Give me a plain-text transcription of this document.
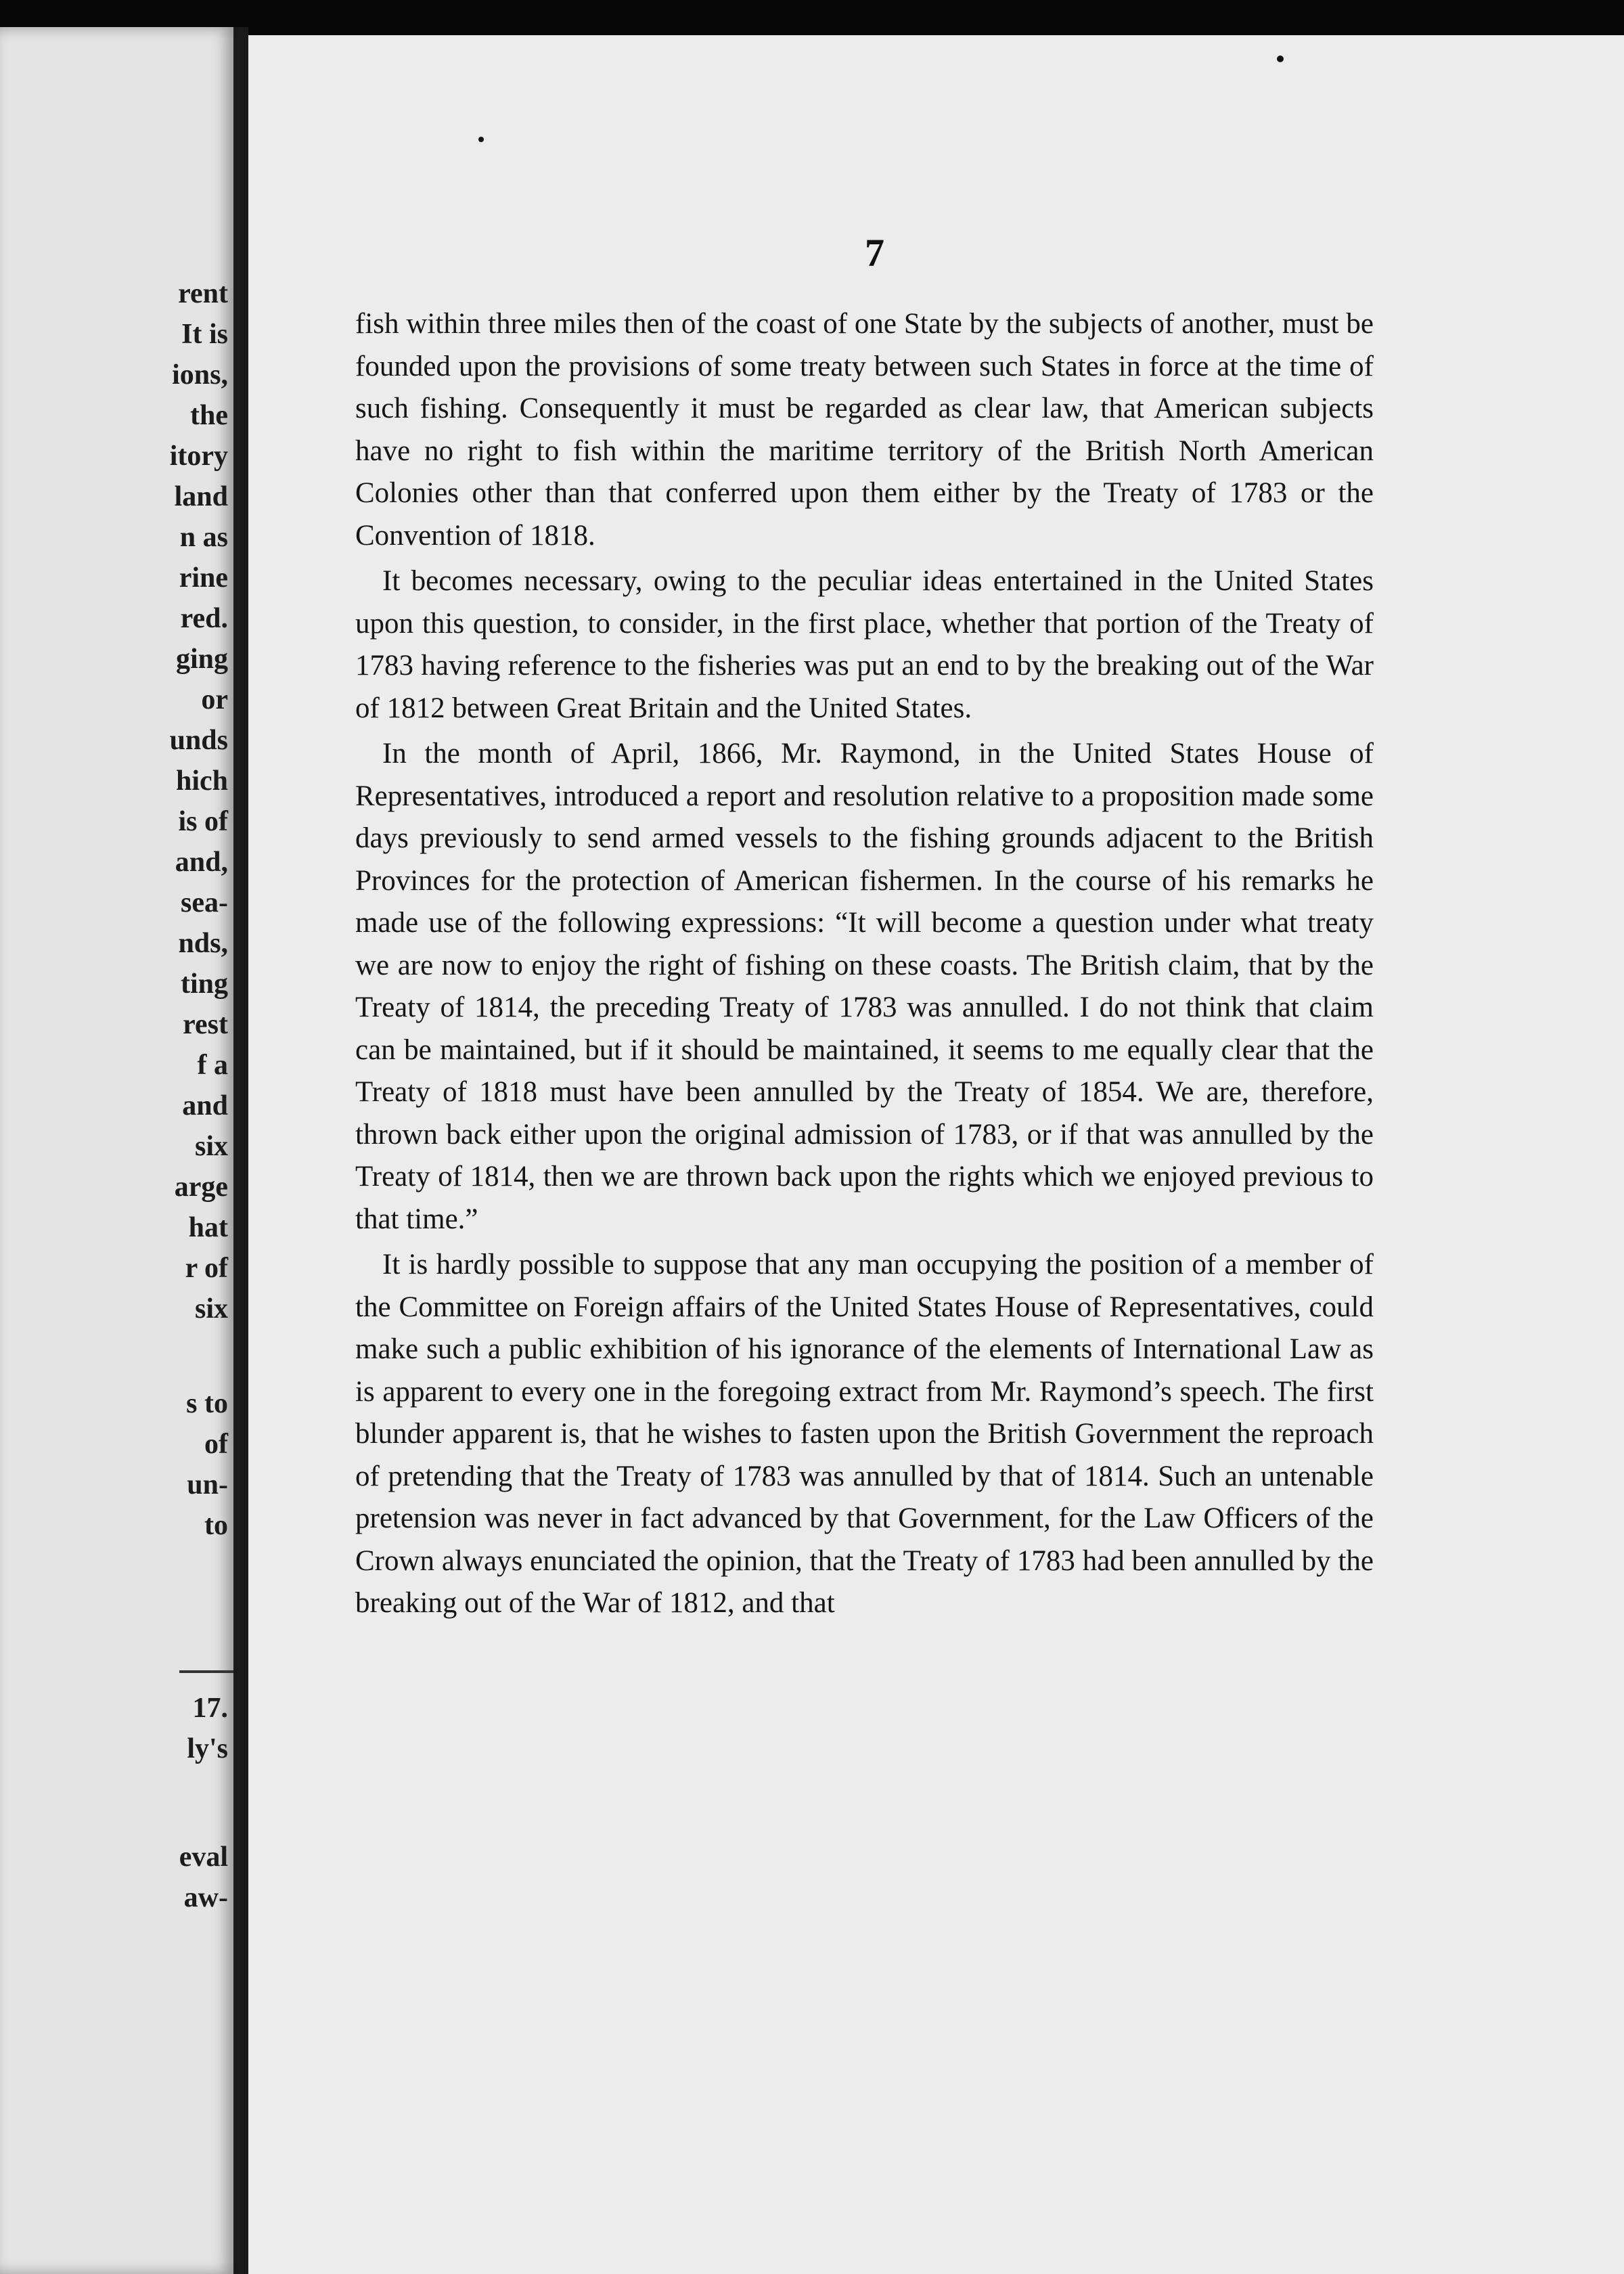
rent

It is

ions,

the

itory

land

n as

rine

red.

ging

or

unds

hich

is of

and,

sea-

nds,

ting

rest

f a

and

six

arge

hat

r of

six

s to

of

un-

to

17.

ly's

eval

aw-

7

fish within three miles then of the coast of one State by the subjects of another, must be founded upon the provisions of some treaty between such States in force at the time of such fishing. Consequently it must be regarded as clear law, that American subjects have no right to fish within the maritime territory of the British North American Colonies other than that conferred upon them either by the Treaty of 1783 or the Convention of 1818.

It becomes necessary, owing to the peculiar ideas entertained in the United States upon this question, to consider, in the first place, whether that portion of the Treaty of 1783 having reference to the fisheries was put an end to by the breaking out of the War of 1812 between Great Britain and the United States.

In the month of April, 1866, Mr. Raymond, in the United States House of Representatives, introduced a report and resolution relative to a proposition made some days previously to send armed vessels to the fishing grounds adjacent to the British Provinces for the protection of American fishermen. In the course of his remarks he made use of the following expressions: “It will become a question under what treaty we are now to enjoy the right of fishing on these coasts. The British claim, that by the Treaty of 1814, the preceding Treaty of 1783 was annulled. I do not think that claim can be maintained, but if it should be maintained, it seems to me equally clear that the Treaty of 1818 must have been annulled by the Treaty of 1854. We are, therefore, thrown back either upon the original admission of 1783, or if that was annulled by the Treaty of 1814, then we are thrown back upon the rights which we enjoyed previous to that time.”

It is hardly possible to suppose that any man occupying the position of a member of the Committee on Foreign affairs of the United States House of Representatives, could make such a public exhibition of his ignorance of the elements of International Law as is apparent to every one in the foregoing extract from Mr. Raymond’s speech. The first blunder apparent is, that he wishes to fasten upon the British Government the reproach of pretending that the Treaty of 1783 was annulled by that of 1814. Such an untenable pretension was never in fact advanced by that Government, for the Law Officers of the Crown always enunciated the opinion, that the Treaty of 1783 had been annulled by the breaking out of the War of 1812, and that
